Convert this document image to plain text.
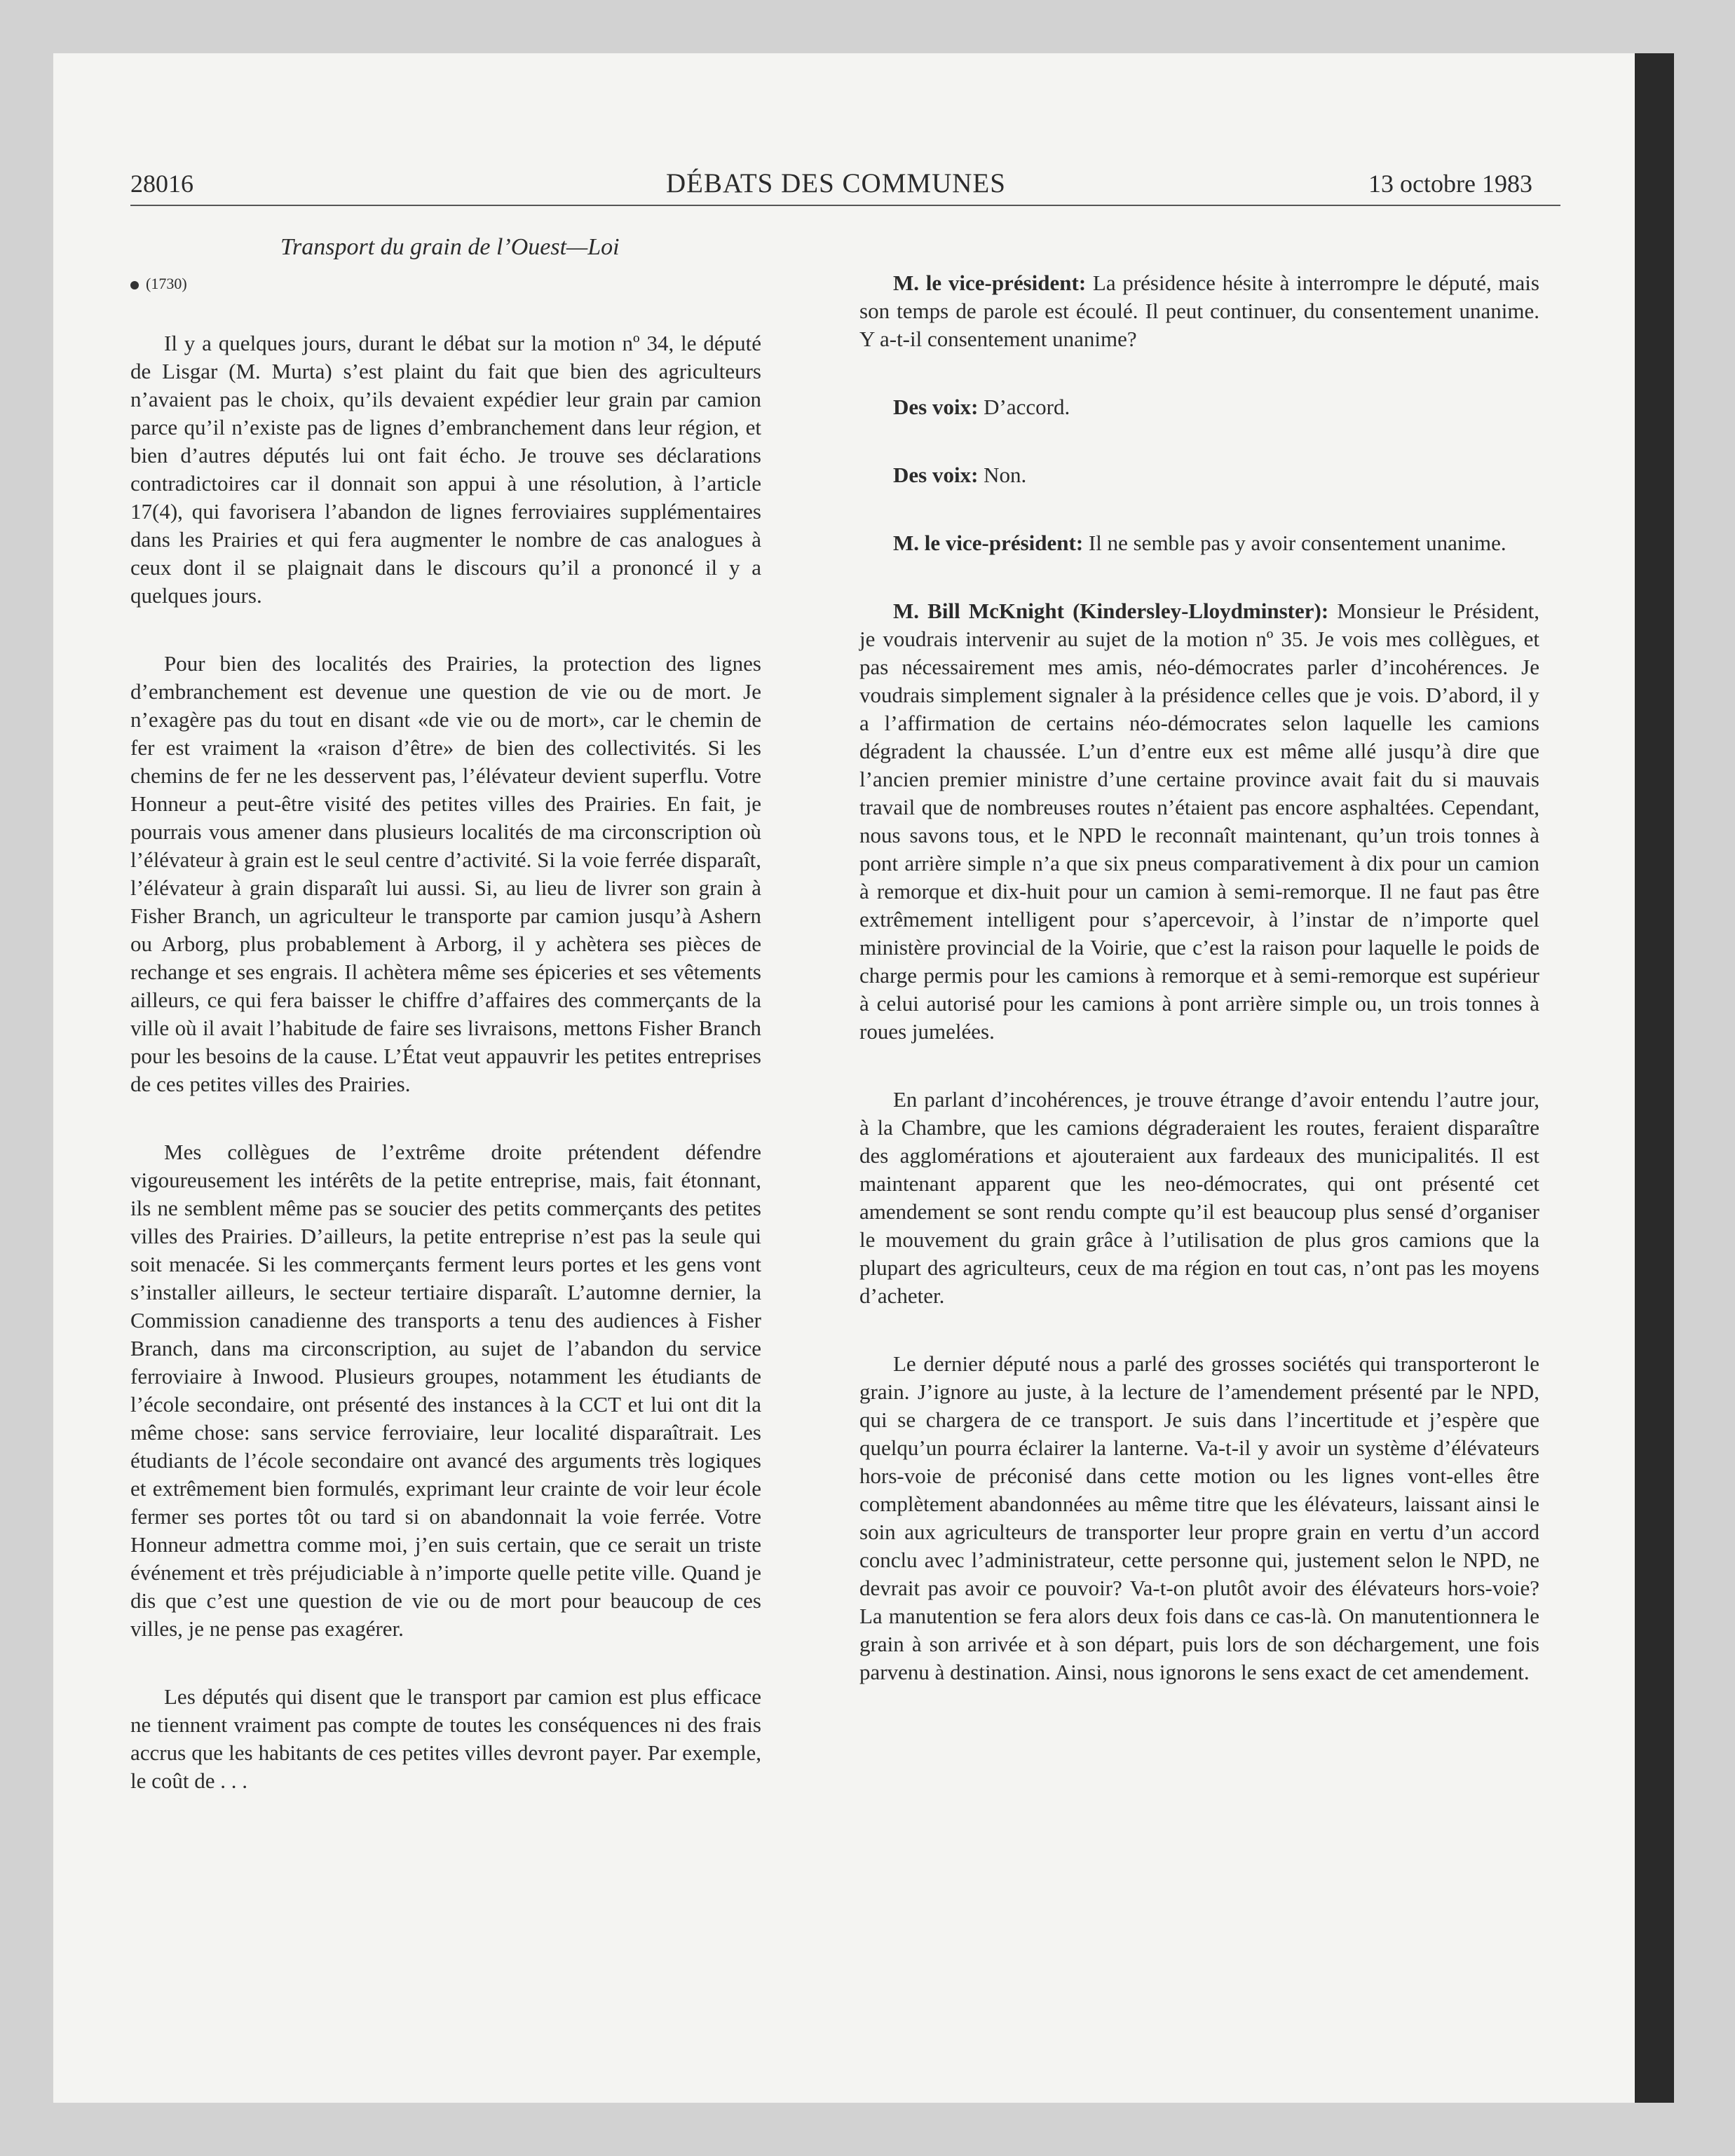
28016	DÉBATS DES COMMUNES	13 octobre 1983
Transport du grain de l’Ouest—Loi
(1730)

Il y a quelques jours, durant le débat sur la motion nº 34, le député de Lisgar (M. Murta) s’est plaint du fait que bien des agriculteurs n’avaient pas le choix, qu’ils devaient expédier leur grain par camion parce qu’il n’existe pas de lignes d’embranchement dans leur région, et bien d’autres députés lui ont fait écho. Je trouve ses déclarations contradictoires car il donnait son appui à une résolution, à l’article 17(4), qui favorisera l’abandon de lignes ferroviaires supplémentaires dans les Prairies et qui fera augmenter le nombre de cas analogues à ceux dont il se plaignait dans le discours qu’il a prononcé il y a quelques jours.

Pour bien des localités des Prairies, la protection des lignes d’embranchement est devenue une question de vie ou de mort. Je n’exagère pas du tout en disant «de vie ou de mort», car le chemin de fer est vraiment la «raison d’être» de bien des collectivités. Si les chemins de fer ne les desservent pas, l’élévateur devient superflu. Votre Honneur a peut-être visité des petites villes des Prairies. En fait, je pourrais vous amener dans plusieurs localités de ma circonscription où l’élévateur à grain est le seul centre d’activité. Si la voie ferrée disparaît, l’élévateur à grain disparaît lui aussi. Si, au lieu de livrer son grain à Fisher Branch, un agriculteur le transporte par camion jusqu’à Ashern ou Arborg, plus probablement à Arborg, il y achètera ses pièces de rechange et ses engrais. Il achètera même ses épiceries et ses vêtements ailleurs, ce qui fera baisser le chiffre d’affaires des commerçants de la ville où il avait l’habitude de faire ses livraisons, mettons Fisher Branch pour les besoins de la cause. L’État veut appauvrir les petites entreprises de ces petites villes des Prairies.

Mes collègues de l’extrême droite prétendent défendre vigoureusement les intérêts de la petite entreprise, mais, fait étonnant, ils ne semblent même pas se soucier des petits commerçants des petites villes des Prairies. D’ailleurs, la petite entreprise n’est pas la seule qui soit menacée. Si les commerçants ferment leurs portes et les gens vont s’installer ailleurs, le secteur tertiaire disparaît. L’automne dernier, la Commission canadienne des transports a tenu des audiences à Fisher Branch, dans ma circonscription, au sujet de l’abandon du service ferroviaire à Inwood. Plusieurs groupes, notamment les étudiants de l’école secondaire, ont présenté des instances à la CCT et lui ont dit la même chose: sans service ferroviaire, leur localité disparaîtrait. Les étudiants de l’école secondaire ont avancé des arguments très logiques et extrêmement bien formulés, exprimant leur crainte de voir leur école fermer ses portes tôt ou tard si on abandonnait la voie ferrée. Votre Honneur admettra comme moi, j’en suis certain, que ce serait un triste événement et très préjudiciable à n’importe quelle petite ville. Quand je dis que c’est une question de vie ou de mort pour beaucoup de ces villes, je ne pense pas exagérer.

Les députés qui disent que le transport par camion est plus efficace ne tiennent vraiment pas compte de toutes les conséquences ni des frais accrus que les habitants de ces petites villes devront payer. Par exemple, le coût de . . .

M. le vice-président: La présidence hésite à interrompre le député, mais son temps de parole est écoulé. Il peut continuer, du consentement unanime. Y a-t-il consentement unanime?

Des voix: D’accord.

Des voix: Non.

M. le vice-président: Il ne semble pas y avoir consentement unanime.

M. Bill McKnight (Kindersley-Lloydminster): Monsieur le Président, je voudrais intervenir au sujet de la motion nº 35. Je vois mes collègues, et pas nécessairement mes amis, néo-démocrates parler d’incohérences. Je voudrais simplement signaler à la présidence celles que je vois. D’abord, il y a l’affirmation de certains néo-démocrates selon laquelle les camions dégradent la chaussée. L’un d’entre eux est même allé jusqu’à dire que l’ancien premier ministre d’une certaine province avait fait du si mauvais travail que de nombreuses routes n’étaient pas encore asphaltées. Cependant, nous savons tous, et le NPD le reconnaît maintenant, qu’un trois tonnes à pont arrière simple n’a que six pneus comparativement à dix pour un camion à remorque et dix-huit pour un camion à semi-remorque. Il ne faut pas être extrêmement intelligent pour s’apercevoir, à l’instar de n’importe quel ministère provincial de la Voirie, que c’est la raison pour laquelle le poids de charge permis pour les camions à remorque et à semi-remorque est supérieur à celui autorisé pour les camions à pont arrière simple ou, un trois tonnes à roues jumelées.

En parlant d’incohérences, je trouve étrange d’avoir entendu l’autre jour, à la Chambre, que les camions dégraderaient les routes, feraient disparaître des agglomérations et ajouteraient aux fardeaux des municipalités. Il est maintenant apparent que les neo-démocrates, qui ont présenté cet amendement se sont rendu compte qu’il est beaucoup plus sensé d’organiser le mouvement du grain grâce à l’utilisation de plus gros camions que la plupart des agriculteurs, ceux de ma région en tout cas, n’ont pas les moyens d’acheter.

Le dernier député nous a parlé des grosses sociétés qui transporteront le grain. J’ignore au juste, à la lecture de l’amendement présenté par le NPD, qui se chargera de ce transport. Je suis dans l’incertitude et j’espère que quelqu’un pourra éclairer la lanterne. Va-t-il y avoir un système d’élévateurs hors-voie de préconisé dans cette motion ou les lignes vont-elles être complètement abandonnées au même titre que les élévateurs, laissant ainsi le soin aux agriculteurs de transporter leur propre grain en vertu d’un accord conclu avec l’administrateur, cette personne qui, justement selon le NPD, ne devrait pas avoir ce pouvoir? Va-t-on plutôt avoir des élévateurs hors-voie? La manutention se fera alors deux fois dans ce cas-là. On manutentionnera le grain à son arrivée et à son départ, puis lors de son déchargement, une fois parvenu à destination. Ainsi, nous ignorons le sens exact de cet amendement.
